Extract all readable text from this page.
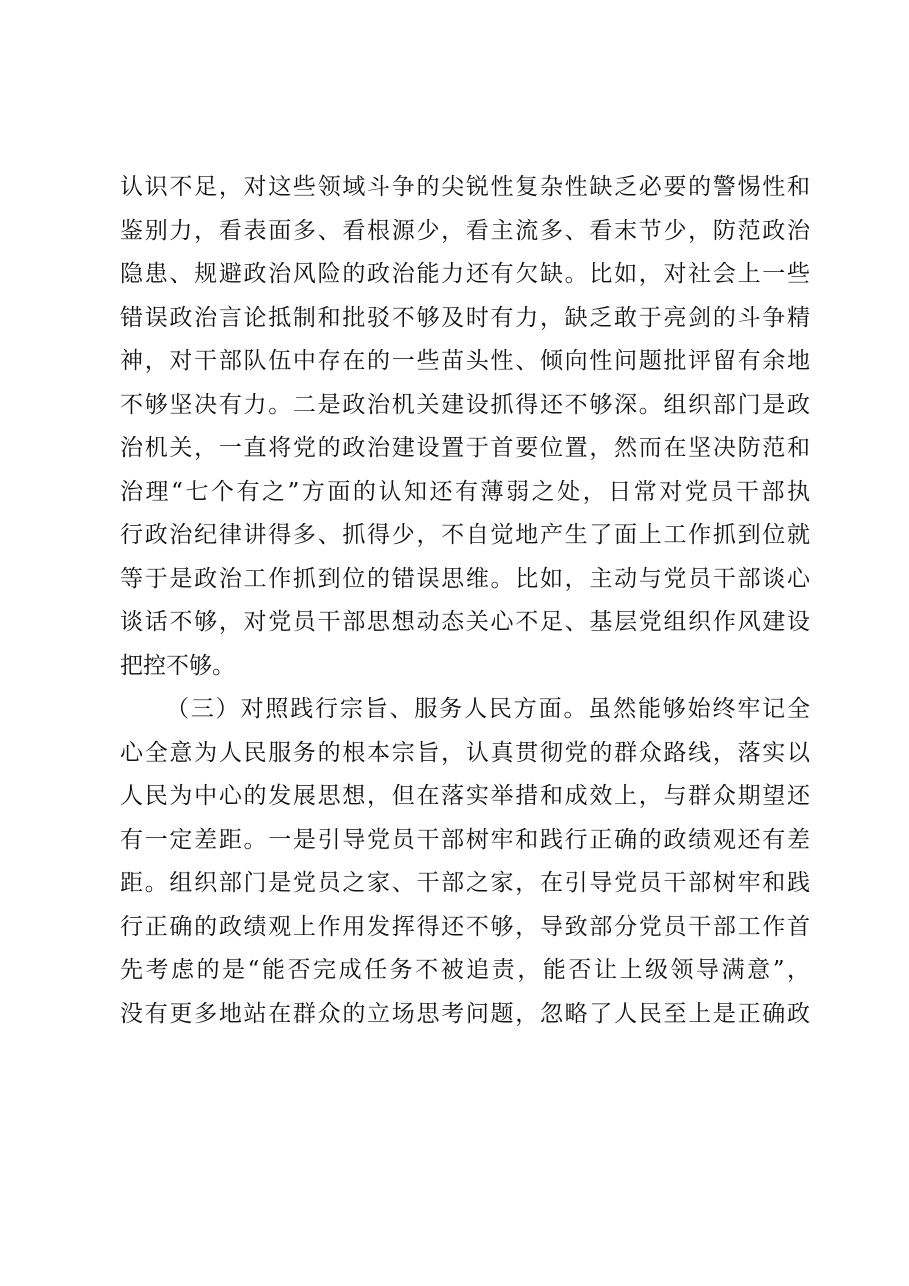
认识不足，对这些领域斗争的尖锐性复杂性缺乏必要的警惕性和
鉴别力，看表面多、看根源少，看主流多、看末节少，防范政治
隐患、规避政治风险的政治能力还有欠缺。比如，对社会上一些
错误政治言论抵制和批驳不够及时有力，缺乏敢于亮剑的斗争精
神，对干部队伍中存在的一些苗头性、倾向性问题批评留有余地
不够坚决有力。二是政治机关建设抓得还不够深。组织部门是政
治机关，一直将党的政治建设置于首要位置，然而在坚决防范和
治理“七个有之”方面的认知还有薄弱之处，日常对党员干部执
行政治纪律讲得多、抓得少，不自觉地产生了面上工作抓到位就
等于是政治工作抓到位的错误思维。比如，主动与党员干部谈心
谈话不够，对党员干部思想动态关心不足、基层党组织作风建设
把控不够。
（三）对照践行宗旨、服务人民方面。虽然能够始终牢记全
心全意为人民服务的根本宗旨，认真贯彻党的群众路线，落实以
人民为中心的发展思想，但在落实举措和成效上，与群众期望还
有一定差距。一是引导党员干部树牢和践行正确的政绩观还有差
距。组织部门是党员之家、干部之家，在引导党员干部树牢和践
行正确的政绩观上作用发挥得还不够，导致部分党员干部工作首
先考虑的是“能否完成任务不被追责，能否让上级领导满意”，
没有更多地站在群众的立场思考问题，忽略了人民至上是正确政
